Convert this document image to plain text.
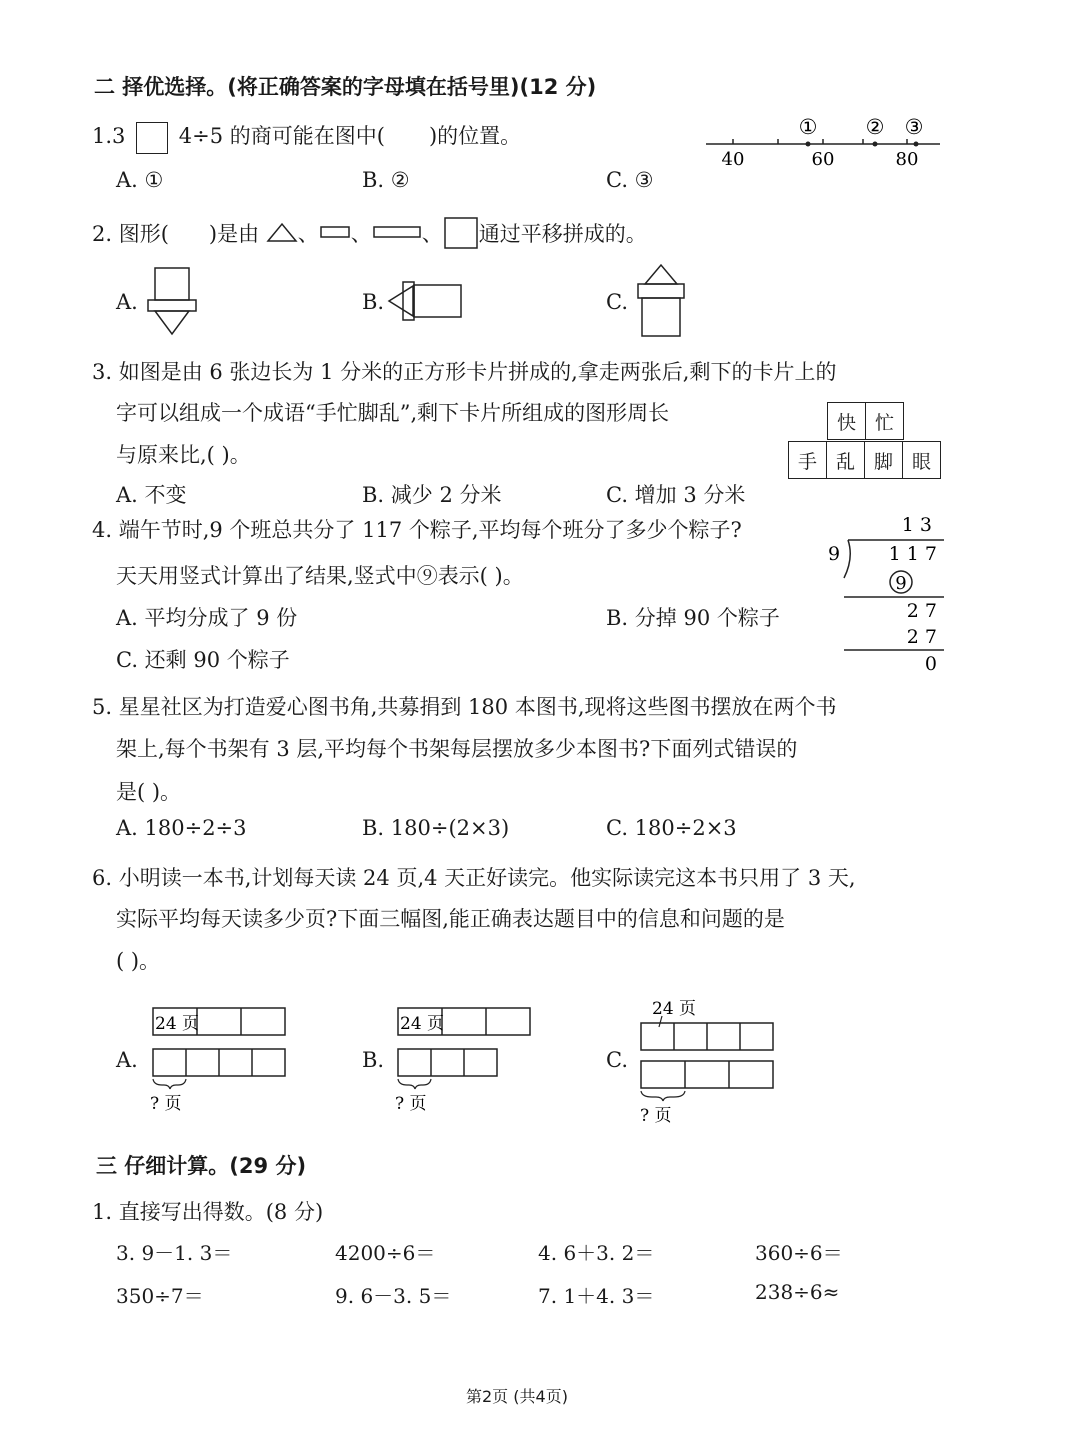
二 择优选择。(将正确答案的字母填在括号里)(12 分)
1.3	4÷5 的商可能在图中( )的位置。	① ② ③
40	60	80
A. ①	B. ②	C. ③
2. 图形( )是由 、 、 、 通过平移拼成的。
A.	B.	C.
3. 如图是由 6 张边长为 1 分米的正方形卡片拼成的,拿走两张后,剩下的卡片上的
字可以组成一个成语“手忙脚乱”,剩下卡片所组成的图形周长
与原来比,( )。
快	忙
手	乱	脚	眼
A. 不变	B. 减少 2 分米	C. 增加 3 分米
4. 端午节时,9 个班总共分了 117 个粽子,平均每个班分了多少个粽子?
天天用竖式计算出了结果,竖式中⑨表示( )。
1 3
9	1 1 7
9
2 7
2 7
0
A. 平均分成了 9 份	B. 分掉 90 个粽子
C. 还剩 90 个粽子
5. 星星社区为打造爱心图书角,共募捐到 180 本图书,现将这些图书摆放在两个书
架上,每个书架有 3 层,平均每个书架每层摆放多少本图书?下面列式错误的
是( )。
A. 180÷2÷3	B. 180÷(2×3)	C. 180÷2×3
6. 小明读一本书,计划每天读 24 页,4 天正好读完。他实际读完这本书只用了 3 天,
实际平均每天读多少页?下面三幅图,能正确表达题目中的信息和问题的是
( )。
A.
24 页
? 页
B.
24 页
? 页
C.
24 页
? 页
三 仔细计算。(29 分)
1. 直接写出得数。(8 分)
3. 9－1. 3＝	4200÷6＝	4. 6＋3. 2＝	360÷6＝
350÷7＝	9. 6－3. 5＝	7. 1＋4. 3＝	238÷6≈
第2页 (共4页)
